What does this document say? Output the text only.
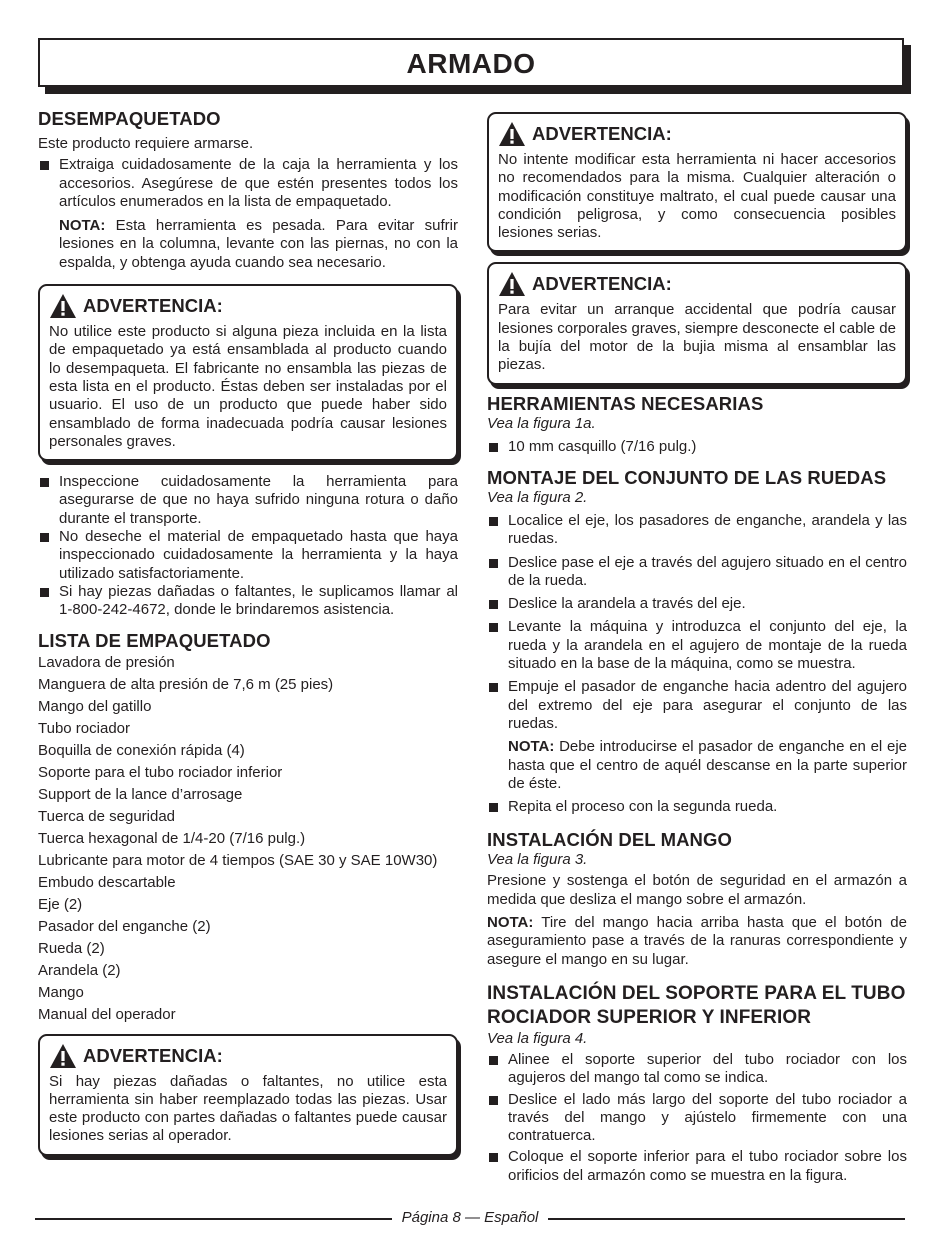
ARMADO
DESEMPAQUETADO

Este producto requiere armarse.

Extraiga cuidadosamente de la caja la herramienta y los accesorios. Asegúrese de que estén presentes todos los artículos enumerados en la lista de empaquetado.
NOTA: Esta herramienta es pesada. Para evitar sufrir lesiones en la columna, levante con las piernas, no con la espalda, y obtenga ayuda cuando sea necesario.
ADVERTENCIA:

No utilice este producto si alguna pieza incluida en la lista de empaquetado ya está ensamblada al producto cuando lo desempaqueta. El fabricante no ensambla las piezas de esta lista en el producto. Éstas deben ser instaladas por el usuario. El uso de un producto que puede haber sido ensamblado de forma inadecuada podría causar lesiones personales graves.

Inspeccione cuidadosamente la herramienta para asegurarse de que no haya sufrido ninguna rotura o daño durante el transporte.
No deseche el material de empaquetado hasta que haya inspeccionado cuidadosamente la herramienta y la haya utilizado satisfactoriamente.
Si hay piezas dañadas o faltantes, le suplicamos llamar al 1-800-242-4672, donde le brindaremos asistencia.
LISTA DE EMPAQUETADO

Lavadora de presión

Manguera de alta presión de 7,6 m (25 pies)

Mango del gatillo

Tubo rociador

Boquilla de conexión rápida (4)

Soporte para el tubo rociador inferior

Support de la lance d’arrosage

Tuerca de seguridad

Tuerca hexagonal de 1/4-20 (7/16 pulg.)

Lubricante para motor de 4 tiempos (SAE 30 y SAE 10W30)

Embudo descartable

Eje (2)

Pasador del enganche (2)

Rueda (2)

Arandela (2)

Mango

Manual del operador

ADVERTENCIA:

Si hay piezas dañadas o faltantes, no utilice esta herramienta sin haber reemplazado todas las piezas. Usar este producto con partes dañadas o faltantes puede causar lesiones serias al operador.

ADVERTENCIA:

No intente modificar esta herramienta ni hacer accesorios no recomendados para la misma. Cualquier alteración o modificación constituye maltrato, el cual puede causar una condición peligrosa, y como consecuencia posibles lesiones serias.

ADVERTENCIA:

Para evitar un arranque accidental que podría causar lesiones corporales graves, siempre desconecte el cable de la bujía del motor de la bujia misma al ensamblar las piezas.

HERRAMIENTAS NECESARIAS

Vea la figura 1a.

10 mm casquillo (7/16 pulg.)
MONTAJE DEL CONJUNTO DE LAS RUEDAS

Vea la figura 2.

Localice el eje, los pasadores de enganche, arandela y las ruedas.
Deslice pase el eje a través del agujero situado en el centro de la rueda.
Deslice la arandela a través del eje.
Levante la máquina y introduzca el conjunto del eje, la rueda y la arandela en el agujero de montaje de la rueda situado en la base de la máquina, como se muestra.
Empuje el pasador de enganche hacia adentro del agujero del extremo del eje para asegurar el conjunto de las ruedas.
NOTA: Debe introducirse el pasador de enganche en el eje hasta que el centro de aquél descanse en la parte superior de éste.
Repita el proceso con la segunda rueda.
INSTALACIÓN DEL MANGO

Vea la figura 3.

Presione y sostenga el botón de seguridad en el armazón a medida que desliza el mango sobre el armazón.

NOTA: Tire del mango hacia arriba hasta que el botón de aseguramiento pase a través de la ranuras correspondiente y asegure el mango en su lugar.

INSTALACIÓN DEL SOPORTE PARA EL TUBO
ROCIADOR SUPERIOR Y INFERIOR

Vea la figura 4.

Alinee el soporte superior del tubo rociador con los agujeros del mango tal como se indica.
Deslice el lado más largo del soporte del tubo rociador a través del mango y ajústelo firmemente con una contratuerca.
Coloque el soporte inferior para el tubo rociador sobre los orificios del armazón como se muestra en la figura.
Página 8 — Español
